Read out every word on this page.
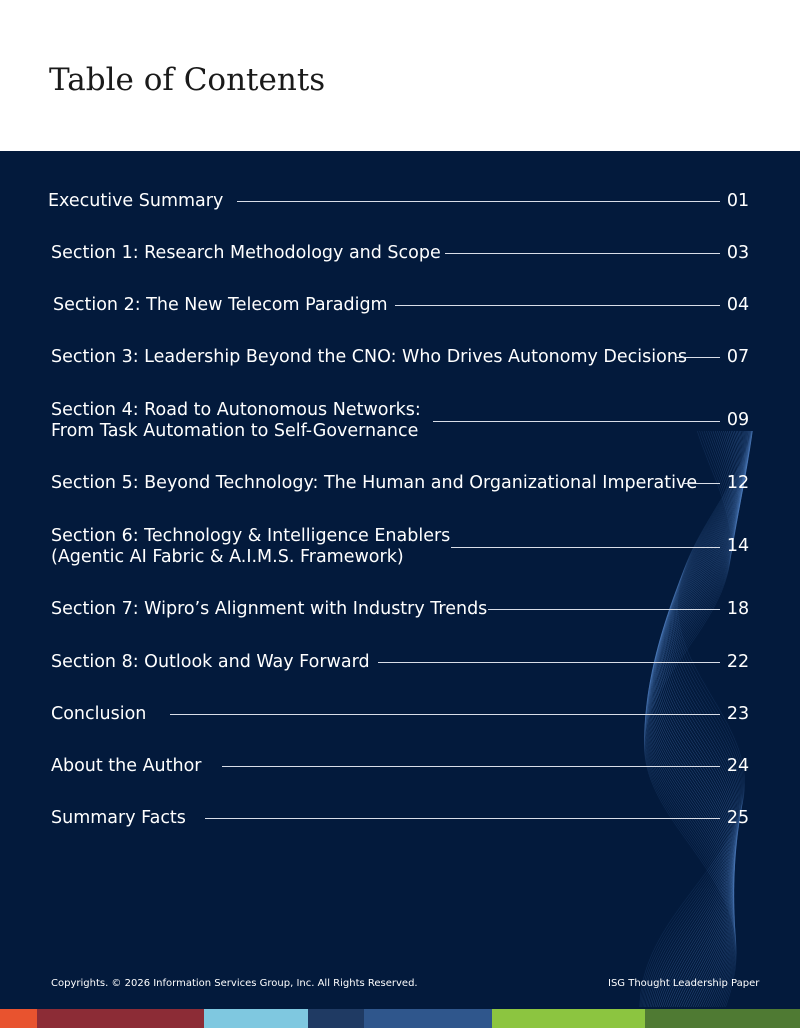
Table of Contents
Executive Summary	01
Section 1: Research Methodology and Scope	03
Section 2: The New Telecom Paradigm	04
Section 3: Leadership Beyond the CNO: Who Drives Autonomy Decisions	07
Section 4: Road to Autonomous Networks:
From Task Automation to Self-Governance
09
Section 5: Beyond Technology: The Human and Organizational Imperative	12
Section 6: Technology & Intelligence Enablers
(Agentic AI Fabric & A.I.M.S. Framework)
14
Section 7: Wipro’s Alignment with Industry Trends	18
Section 8: Outlook and Way Forward	22
Conclusion	23
About the Author	24
Summary Facts	25
Copyrights. © 2026 Information Services Group, Inc. All Rights Reserved.	ISG Thought Leadership Paper
